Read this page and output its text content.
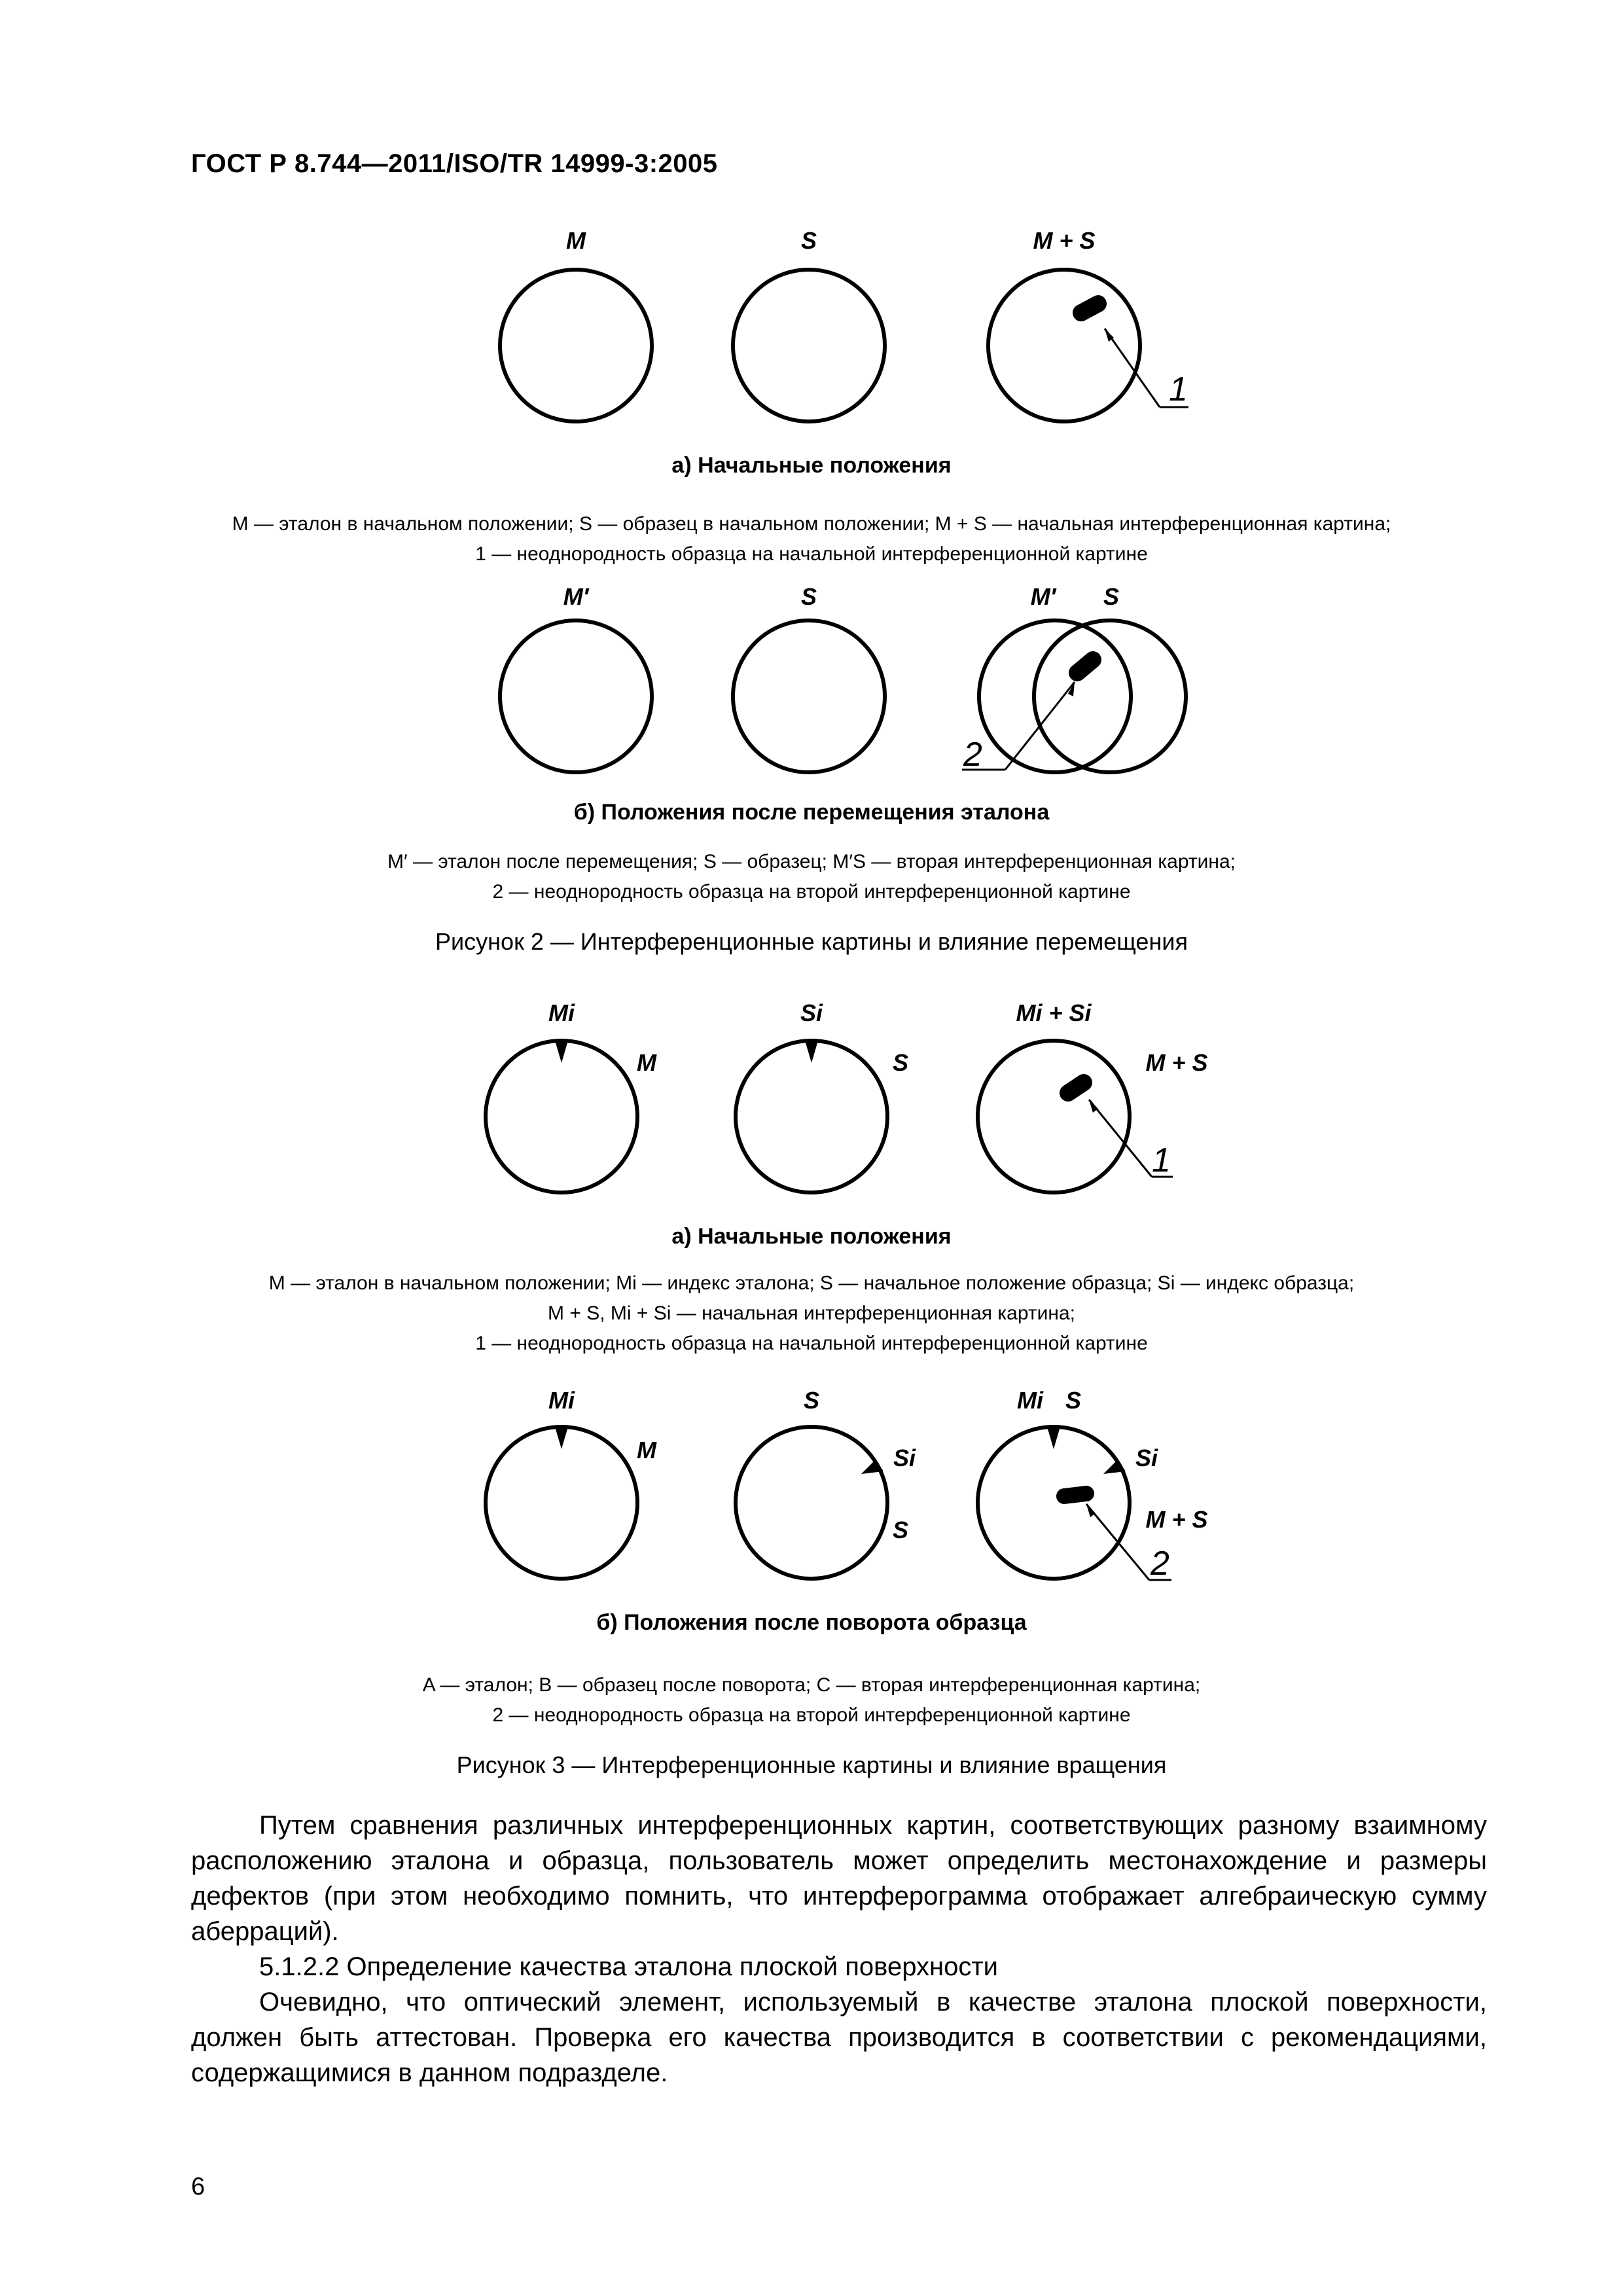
ГОСТ Р 8.744—2011/ISO/TR 14999-3:2005
M	S	M + S
1
а) Начальные положения
M — эталон в начальном положении; S — образец в начальном положении; M + S — начальная интерференционная картина;
1 — неоднородность образца на начальной интерференционной картине
M′	S	M′ S
2
б) Положения после перемещения эталона
M′ — эталон после перемещения; S — образец; M′S — вторая интерференционная картина;
2 — неоднородность образца на второй интерференционной картине
Рисунок 2 — Интерференционные картины и влияние перемещения
Mi
M
Si
S
Mi + Si
M + S
1
а) Начальные положения
M — эталон в начальном положении; Mi — индекс эталона; S — начальное положение образца; Si — индекс образца;
M + S, Mi + Si — начальная интерференционная картина;
1 — неоднородность образца на начальной интерференционной картине
Mi
M
S
Si
S
Mi S
Si
M + S
2
б) Положения после поворота образца
A — эталон; B — образец после поворота; C — вторая интерференционная картина;
2 — неоднородность образца на второй интерференционной картине
Рисунок 3 — Интерференционные картины и влияние вращения

Путем сравнения различных интерференционных картин, соответствующих разному взаимному расположению эталона и образца, пользователь может определить местонахождение и размеры дефектов (при этом необходимо помнить, что интерферограмма отображает алгебраическую сумму аберраций).

5.1.2.2 Определение качества эталона плоской поверхности

Очевидно, что оптический элемент, используемый в качестве эталона плоской поверхности, должен быть аттестован. Проверка его качества производится в соответствии с рекомендациями, содержащимися в данном подразделе.

6
